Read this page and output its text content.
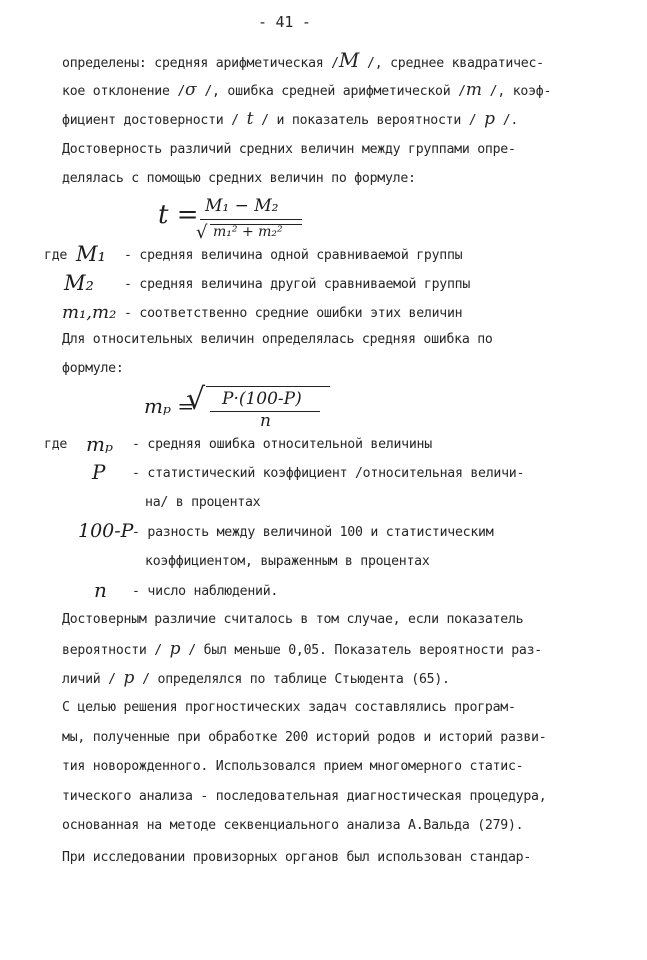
- 41 -
определены: средняя арифметическая /M /, среднее квадратичес-
кое отклонение /σ /, ошибка средней арифметической /m /, коэф-
фициент достоверности / t / и показатель вероятности / p /.
Достоверность различий средних величин между группами опре-
делялась с помощью средних величин по формуле:
t = M₁ − M₂
√ m₁² + m₂²
где M₁ - средняя величина одной сравниваемой группы
M₂ - средняя величина другой сравниваемой группы
m₁,m₂ - соответственно средние ошибки этих величин
Для относительных величин определялась средняя ошибка по
формуле:
mₚ =
√ P·(100-P)
n
где mₚ - средняя ошибка относительной величины
P - статистический коэффициент /относительная величи-
на/ в процентах
100-P
- разность между величиной 100 и статистическим
коэффициентом, выраженным в процентах
n - число наблюдений.
Достоверным различие считалось в том случае, если показатель
вероятности / p / был меньше 0,05. Показатель вероятности раз-
личий / p / определялся по таблице Стьюдента (65).
С целью решения прогностических задач составлялись програм-
мы, полученные при обработке 200 историй родов и историй разви-
тия новорожденного. Использовался прием многомерного статис-
тического анализа - последовательная диагностическая процедура,
основанная на методе секвенциального анализа А.Вальда (279).
При исследовании провизорных органов был использован стандар-
